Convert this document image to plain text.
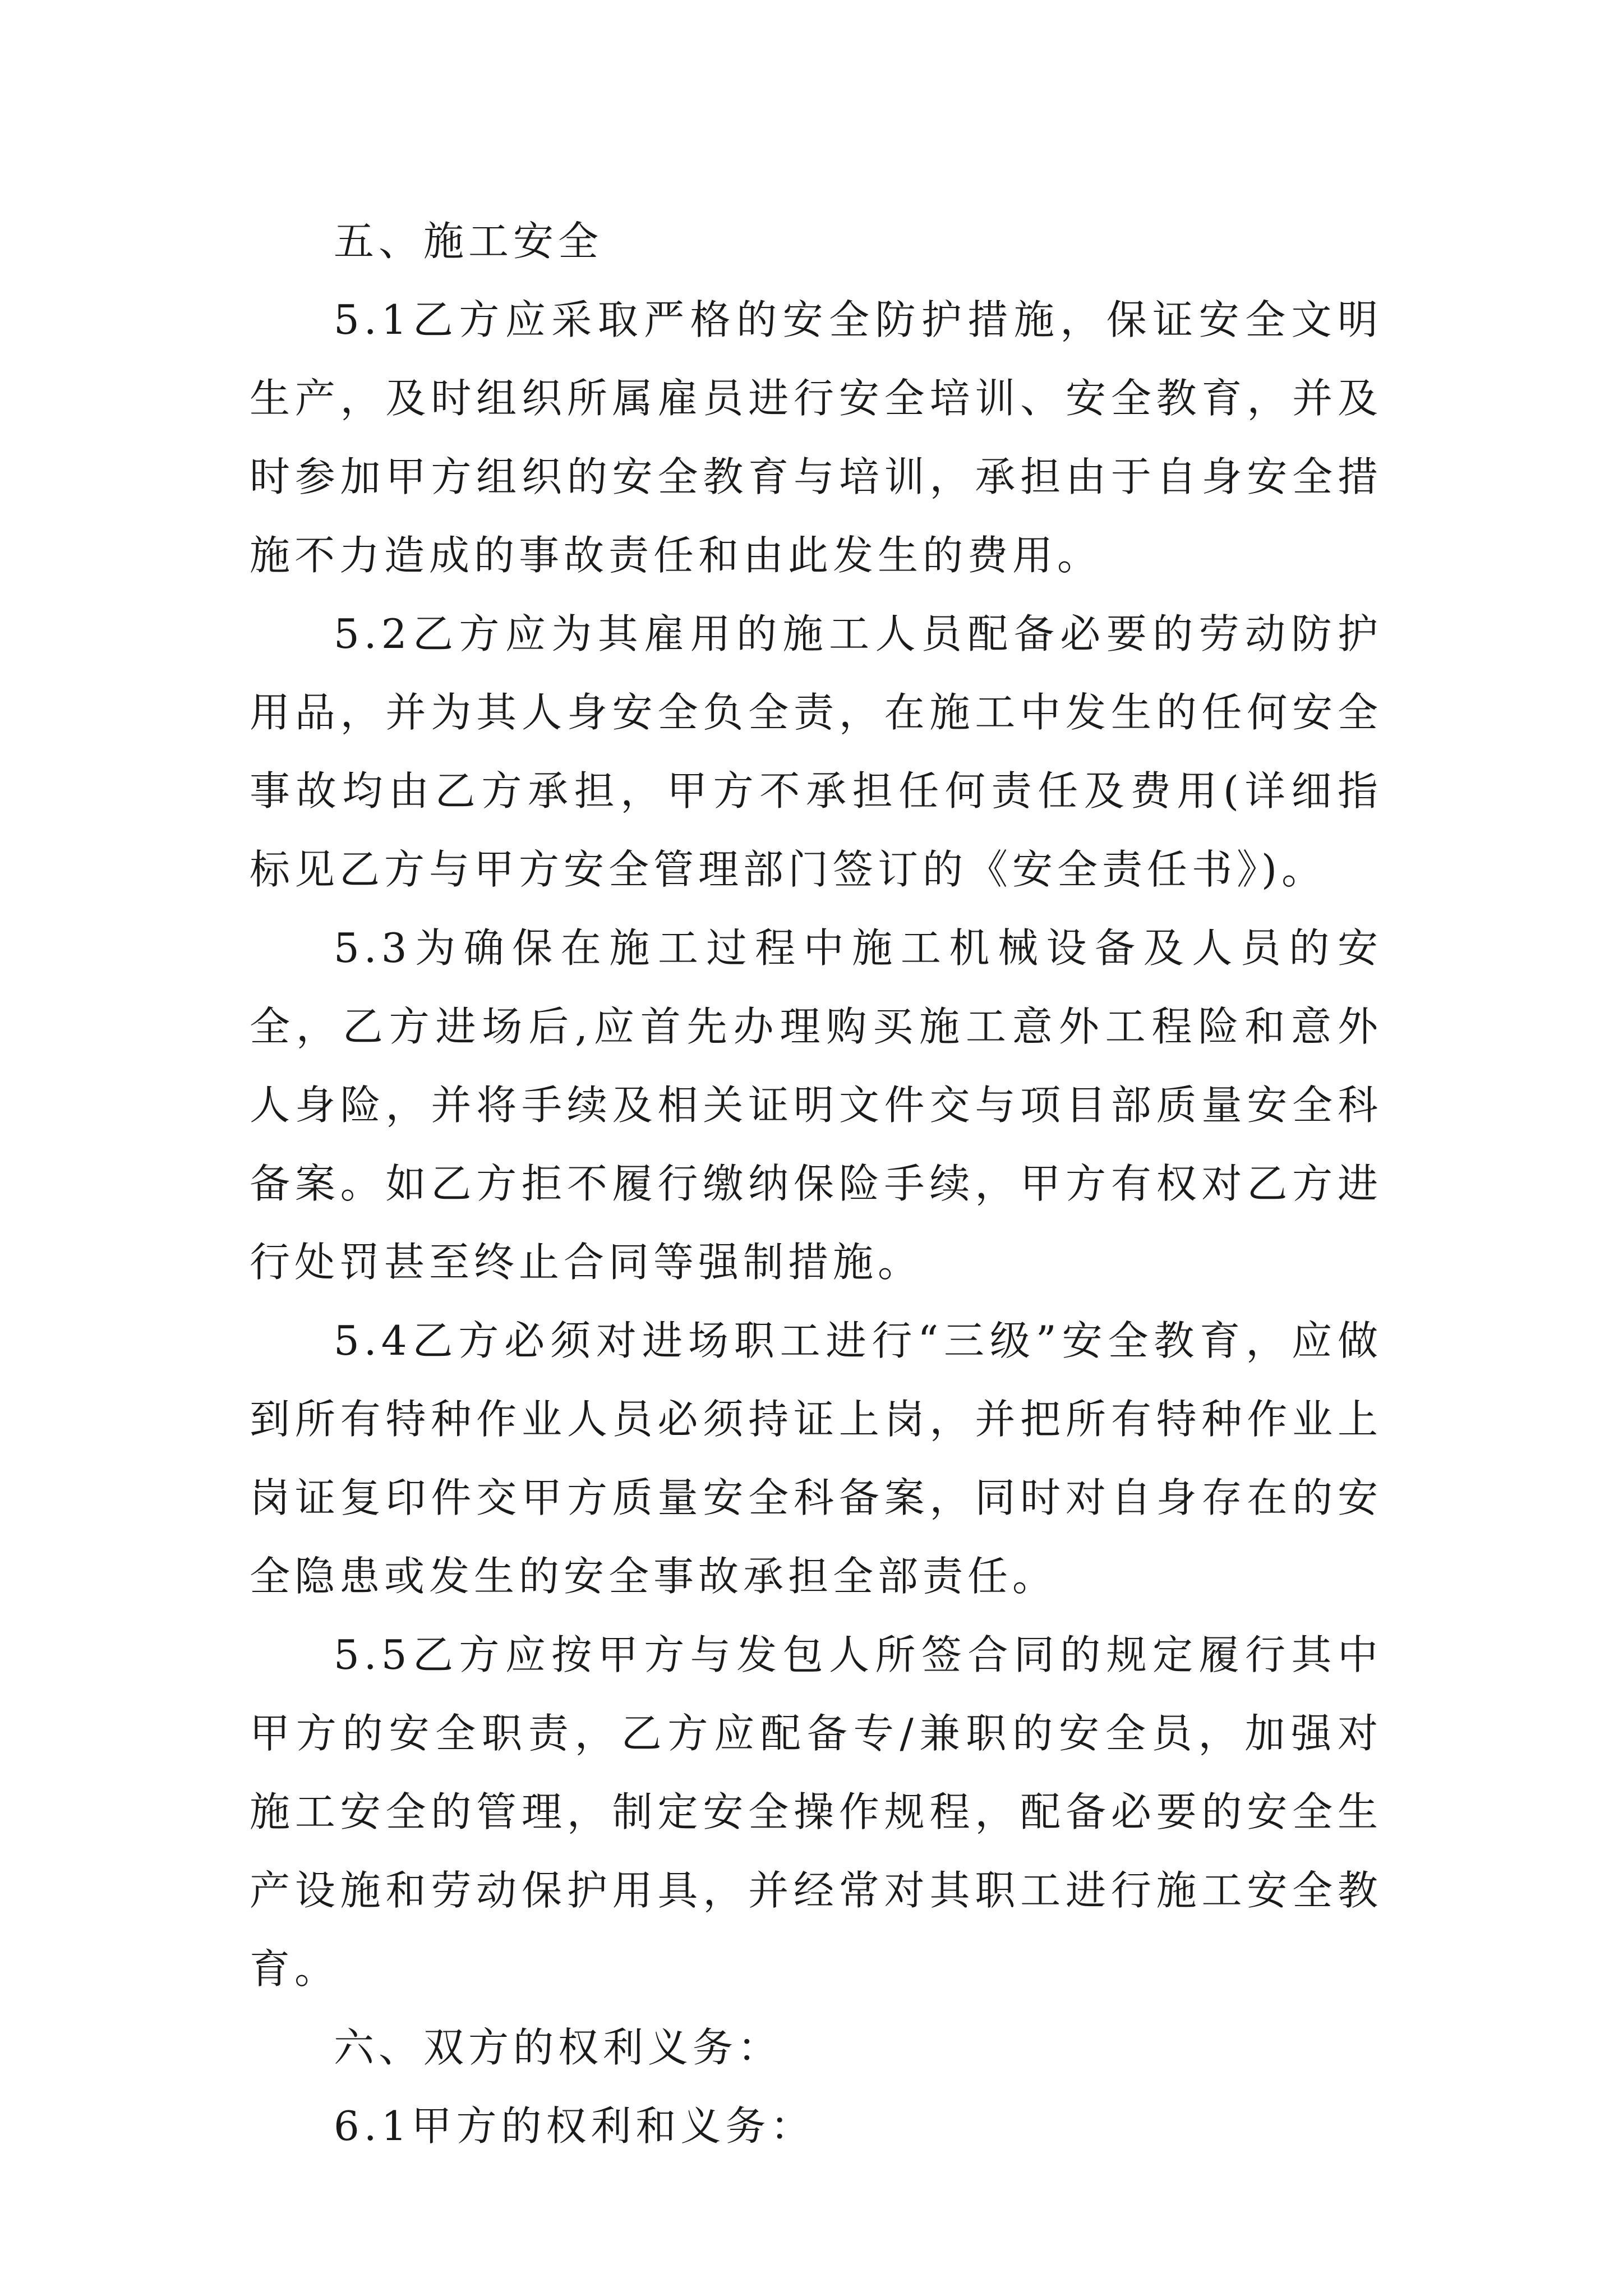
五、施工安全

5.1乙方应采取严格的安全防护措施，保证安全文明生产，及时组织所属雇员进行安全培训、安全教育，并及时参加甲方组织的安全教育与培训，承担由于自身安全措施不力造成的事故责任和由此发生的费用。

5.2乙方应为其雇用的施工人员配备必要的劳动防护用品，并为其人身安全负全责，在施工中发生的任何安全事故均由乙方承担，甲方不承担任何责任及费用(详细指标见乙方与甲方安全管理部门签订的《安全责任书》)。

5.3为确保在施工过程中施工机械设备及人员的安全，乙方进场后,应首先办理购买施工意外工程险和意外人身险，并将手续及相关证明文件交与项目部质量安全科备案。如乙方拒不履行缴纳保险手续，甲方有权对乙方进行处罚甚至终止合同等强制措施。

5.4乙方必须对进场职工进行“三级”安全教育，应做到所有特种作业人员必须持证上岗，并把所有特种作业上岗证复印件交甲方质量安全科备案，同时对自身存在的安全隐患或发生的安全事故承担全部责任。

5.5乙方应按甲方与发包人所签合同的规定履行其中甲方的安全职责，乙方应配备专/兼职的安全员，加强对施工安全的管理，制定安全操作规程，配备必要的安全生产设施和劳动保护用具，并经常对其职工进行施工安全教育。

六、双方的权利义务：

6.1甲方的权利和义务：
